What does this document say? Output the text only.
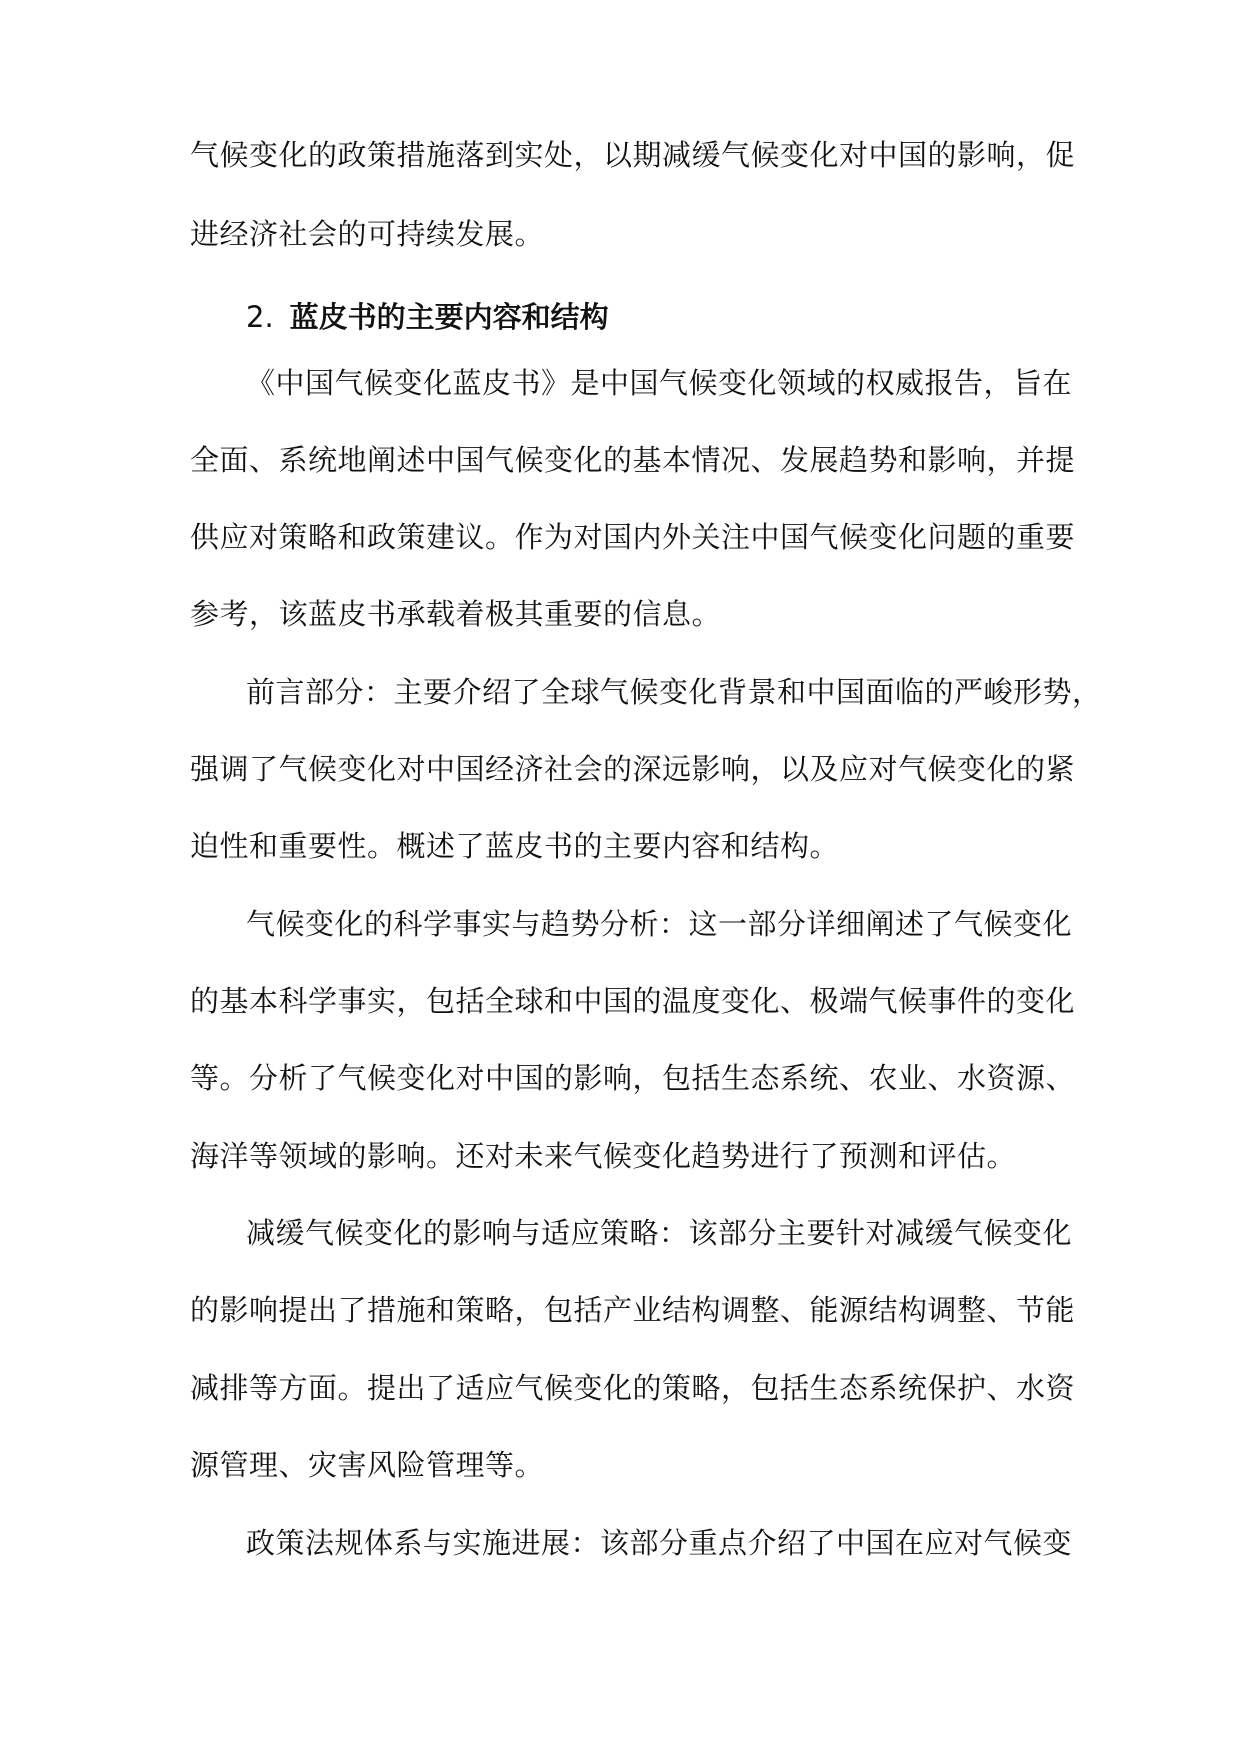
气候变化的政策措施落到实处，以期减缓气候变化对中国的影响，促
进经济社会的可持续发展。
2. 蓝皮书的主要内容和结构
《中国气候变化蓝皮书》是中国气候变化领域的权威报告，旨在
全面、系统地阐述中国气候变化的基本情况、发展趋势和影响，并提
供应对策略和政策建议。作为对国内外关注中国气候变化问题的重要
参考，该蓝皮书承载着极其重要的信息。
前言部分：主要介绍了全球气候变化背景和中国面临的严峻形势，
强调了气候变化对中国经济社会的深远影响，以及应对气候变化的紧
迫性和重要性。概述了蓝皮书的主要内容和结构。
气候变化的科学事实与趋势分析：这一部分详细阐述了气候变化
的基本科学事实，包括全球和中国的温度变化、极端气候事件的变化
等。分析了气候变化对中国的影响，包括生态系统、农业、水资源、
海洋等领域的影响。还对未来气候变化趋势进行了预测和评估。
减缓气候变化的影响与适应策略：该部分主要针对减缓气候变化
的影响提出了措施和策略，包括产业结构调整、能源结构调整、节能
减排等方面。提出了适应气候变化的策略，包括生态系统保护、水资
源管理、灾害风险管理等。
政策法规体系与实施进展：该部分重点介绍了中国在应对气候变
